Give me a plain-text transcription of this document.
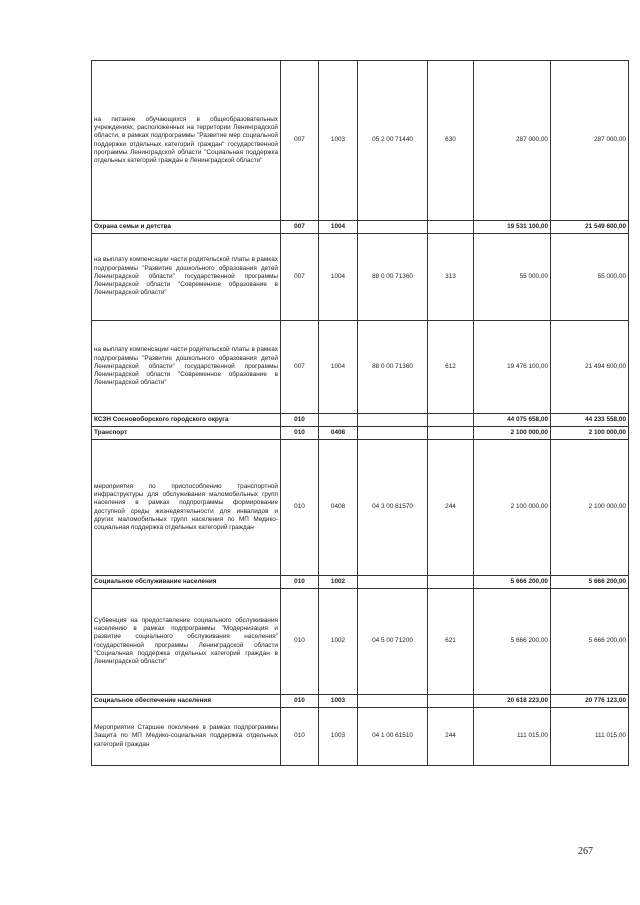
на питание обучающихся в общеобразовательных учреждениях, расположенных на территории Ленинградской области, в рамках подпрограммы "Развитие мер социальной поддержки отдельных категорий граждан" государственной программы Ленинградской области "Социальная поддержка отдельных категорий граждан в Ленинградской области"	007	1003	05 2 00 71440	630	287 000,00	287 000,00
Охрана семьи и детства	007	1004			19 531 100,00	21 549 600,00
на выплату компенсации части родительской платы в рамках подпрограммы "Развитие дошкольного образования детей Ленинградской области" государственной программы Ленинградской области "Современное образование в Ленинградской области"	007	1004	88 0 00 71360	313	55 000,00	55 000,00
на выплату компенсации части родительской платы в рамках подпрограммы "Развитие дошкольного образования детей Ленинградской области" государственной программы Ленинградской области "Современное образование в Ленинградской области"	007	1004	88 0 00 71360	612	19 476 100,00	21 494 600,00
КСЗН Сосновоборского городского округа	010				44 075 658,00	44 233 558,00
Транспорт	010	0408			2 100 000,00	2 100 000,00
мероприятия по приспособлению транспортной инфраструктуры для обслуживания маломобильных групп населения в рамках подпрограммы формирование доступной среды жизнедеятельности для инвалидов и других маломобильных групп населения по МП Медико-социальная поддержка отдельных категорий граждан	010	0408	04 3 00 61570	244	2 100 000,00	2 100 000,00
Социальное обслуживание населения	010	1002			5 666 200,00	5 666 200,00
Субвенция на предоставление социального обслуживания населению в рамках подпрограммы "Модернизация и развитие социального обслуживания населения" государственной программы Ленинградской области "Социальная поддержка отдельных категорий граждан в Ленинградской области"	010	1002	04 5 00 71200	621	5 666 200,00	5 666 200,00
Социальное обеспечение населения	010	1003			20 618 223,00	20 776 123,00
Мероприятия Старшее поколение в рамках подпрограммы Защита по МП Медико-социальная поддержка отдельных категорий граждан	010	1003	04 1 00 61510	244	111 015,00	111 015,00
267
